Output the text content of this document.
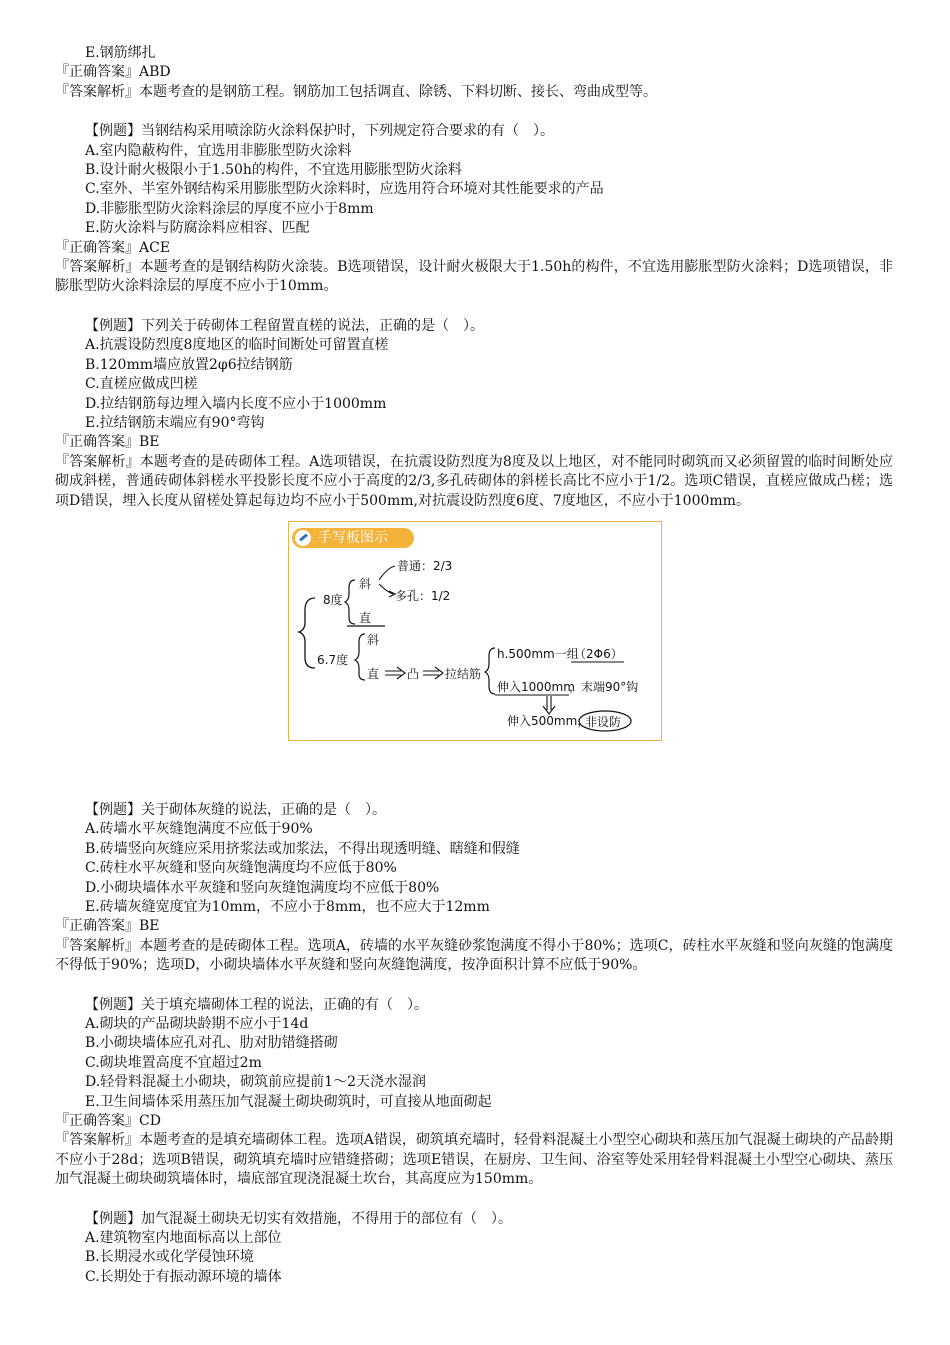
E.钢筋绑扎
『正确答案』ABD
『答案解析』本题考查的是钢筋工程。钢筋加工包括调直、除锈、下料切断、接长、弯曲成型等。
【例题】当钢结构采用喷涂防火涂料保护时，下列规定符合要求的有（　）。
A.室内隐蔽构件，宜选用非膨胀型防火涂料
B.设计耐火极限小于1.50h的构件，不宜选用膨胀型防火涂料
C.室外、半室外钢结构采用膨胀型防火涂料时，应选用符合环境对其性能要求的产品
D.非膨胀型防火涂料涂层的厚度不应小于8mm
E.防火涂料与防腐涂料应相容、匹配
『正确答案』ACE
『答案解析』本题考查的是钢结构防火涂装。B选项错误，设计耐火极限大于1.50h的构件，不宜选用膨胀型防火涂料；D选项错误，非膨胀型防火涂料涂层的厚度不应小于10mm。
【例题】下列关于砖砌体工程留置直槎的说法，正确的是（　）。
A.抗震设防烈度8度地区的临时间断处可留置直槎
B.120mm墙应放置2φ6拉结钢筋
C.直槎应做成凹槎
D.拉结钢筋每边埋入墙内长度不应小于1000mm
E.拉结钢筋末端应有90°弯钩
『正确答案』BE
『答案解析』本题考查的是砖砌体工程。A选项错误，在抗震设防烈度为8度及以上地区，对不能同时砌筑而又必须留置的临时间断处应砌成斜槎，普通砖砌体斜槎水平投影长度不应小于高度的2/3,多孔砖砌体的斜槎长高比不应小于1/2。选项C错误，直槎应做成凸槎；选项D错误，埋入长度从留槎处算起每边均不应小于500mm,对抗震设防烈度6度、7度地区，不应小于1000mm。
手写板图示
8度
斜
直
普通：2/3
多孔：1/2
6.7度
斜
直 凸 拉结筋
h.500mm一组
（2Φ6）
伸入1000mm
，末端90°钩
伸入500mm，
非设防
【例题】关于砌体灰缝的说法，正确的是（　）。
A.砖墙水平灰缝饱满度不应低于90%
B.砖墙竖向灰缝应采用挤浆法或加浆法，不得出现透明缝、瞎缝和假缝
C.砖柱水平灰缝和竖向灰缝饱满度均不应低于80%
D.小砌块墙体水平灰缝和竖向灰缝饱满度均不应低于80%
E.砖墙灰缝宽度宜为10mm，不应小于8mm，也不应大于12mm
『正确答案』BE
『答案解析』本题考查的是砖砌体工程。选项A，砖墙的水平灰缝砂浆饱满度不得小于80%；选项C，砖柱水平灰缝和竖向灰缝的饱满度不得低于90%；选项D，小砌块墙体水平灰缝和竖向灰缝饱满度，按净面积计算不应低于90%。
【例题】关于填充墙砌体工程的说法，正确的有（　）。
A.砌块的产品砌块龄期不应小于14d
B.小砌块墙体应孔对孔、肋对肋错缝搭砌
C.砌块堆置高度不宜超过2m
D.轻骨料混凝土小砌块，砌筑前应提前1～2天浇水湿润
E.卫生间墙体采用蒸压加气混凝土砌块砌筑时，可直接从地面砌起
『正确答案』CD
『答案解析』本题考查的是填充墙砌体工程。选项A错误，砌筑填充墙时，轻骨料混凝土小型空心砌块和蒸压加气混凝土砌块的产品龄期不应小于28d；选项B错误，砌筑填充墙时应错缝搭砌；选项E错误，在厨房、卫生间、浴室等处采用轻骨料混凝土小型空心砌块、蒸压加气混凝土砌块砌筑墙体时，墙底部宜现浇混凝土坎台，其高度应为150mm。
【例题】加气混凝土砌块无切实有效措施，不得用于的部位有（　）。
A.建筑物室内地面标高以上部位
B.长期浸水或化学侵蚀环境
C.长期处于有振动源环境的墙体
